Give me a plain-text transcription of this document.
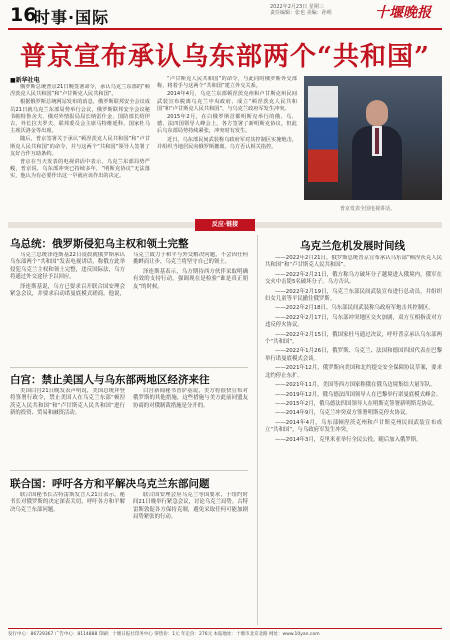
16
时事·国际
2022年2月23日 星期三
责任编辑：张也 美编：孙明	十堰晚报
普京宣布承认乌东部两个“共和国”
■新华社电

俄罗斯总统普京21日晚签署命令，承认乌克兰东部的“顿涅茨克人民共和国”和“卢甘斯克人民共和国”。

根据俄罗斯总统网站发布的消息，俄罗斯联邦安全会议成员21日就乌克兰东部局势举行会议，俄罗斯联邦安全会议秘书帕特鲁舍夫、俄对外情报局局长纳雷什金、国防部长绍伊古、外长拉夫罗夫、联邦委员会主席马特维延科、国家杜马主席沃洛金等出席。

随后，普京签署关于承认“顿涅茨克人民共和国”和“卢甘斯克人民共和国”的命令，并与这两个“共和国”领导人签署了友好合作互助条约。

普京在当天发表的电视讲话中表示，乌克兰东部局势严峻，普京说，乌东部冲突已持续多年，“明斯克协议”无法落实，他认为有必要作出这一早就应该作出的决定。

“卢甘斯克人民共和国”的命令，与此同时俄罗斯外交部称，将着手与这两个“共和国”建立外交关系。

2014年4月，乌克兰东部顿涅茨克州和卢甘斯克州民间武装宣布脱离乌克兰中央政府，成立“顿涅茨克人民共和国”和“卢甘斯克人民共和国”，与乌克兰政府军发生冲突。

2015年2月，在白俄罗斯首都明斯克举行的俄、乌、德、法四国领导人峰会上，各方签署了新明斯克协议。但此后乌东部局势持续紧张，冲突时有发生。

近日，乌东部民间武装称乌政府军对其控制区实施炮击，并组织当地居民向俄罗斯撤离。乌方否认相关指控。

普京发表全国电视讲话。
反应·链接
乌总统：俄罗斯侵犯乌主权和领土完整

乌克兰总统泽连斯基22日凌晨就俄罗斯承认乌东部两个“共和国”发表电视讲话，称俄方此举侵犯乌克兰主权和领土完整，违反国际法，乌方将通过外交途径予以回应。

泽连斯基说，乌方已要求召开联合国安理会紧急会议，并要求启动诺曼底模式磋商。他说，乌克兰致力于和平与外交解决问题，不会因任何挑衅而让步，乌克兰将坚守自己的领土。

泽连斯基表示，乌方期待西方伙伴采取明确有效的支持行动，强调现在是检验“谁是真正朋友”的时候。

白宫：禁止美国人与乌东部两地区经济来往

美国白宫21日晚发表声明说，美国总统拜登将签署行政令，禁止美国人在乌克兰东部“顿涅茨克人民共和国”和“卢甘斯克人民共和国”进行新的投资、贸易和融资活动。

白宫新闻秘书普萨基说，美方将很快宣布对俄罗斯的其他措施，这些措施与美方此前同盟友协商的对俄制裁措施是分开的。

联合国：呼吁各方和平解决乌克兰东部问题

联合国秘书长古特雷斯发言人21日表示，秘书长对俄罗斯的决定深表关切，呼吁各方和平解决乌克兰东部问题。

联合国安理会应乌克兰等国要求，于纽约时间21日晚举行紧急会议，讨论乌克兰局势。古特雷斯敦促各方保持克制，避免采取任何可能加剧局势紧张的行动。

乌克兰危机发展时间线

——2022年2月21日，俄罗斯总统普京宣布承认乌东部“顿涅茨克人民共和国”和“卢甘斯克人民共和国”。

——2022年2月21日，俄方称乌方破坏分子越境进入俄境内，俄军在交火中击毙5名破坏分子。乌方否认。

——2022年2月19日，乌克兰东部民间武装宣布进行总动员，并组织妇女儿童等平民撤往俄罗斯。

——2022年2月18日，乌东部民间武装称乌政府军炮击其控制区。

——2022年2月17日，乌东部冲突地区交火加剧，双方互相指责对方违反停火协议。

——2022年2月15日，俄国家杜马通过决议，呼吁普京承认乌东部两个“共和国”。

——2022年1月26日，俄罗斯、乌克兰、法国和德国四国代表在巴黎举行诺曼底模式会谈。

——2021年12月，俄罗斯向美国和北约提交安全保障协议草案，要求北约停止东扩。

——2021年11月，美国等西方国家称俄在俄乌边境集结大量军队。

——2019年12月，俄乌德法四国领导人在巴黎举行诺曼底模式峰会。

——2015年2月，俄乌德法四国领导人在明斯克签署新明斯克协议。

——2014年9月，乌克兰冲突双方签署明斯克停火协议。

——2014年4月，乌东部顿涅茨克州和卢甘斯克州民间武装宣布成立“共和国”，与乌政府军发生冲突。

——2014年3月，克里米亚举行全民公投，随后加入俄罗斯。

发行中心：86729367 广告中心：8114888 印刷：十堰日报社印务中心 零售价：1元 年定价：276元 本报地址：十堰市北京北路 网址：www.10yan.com
